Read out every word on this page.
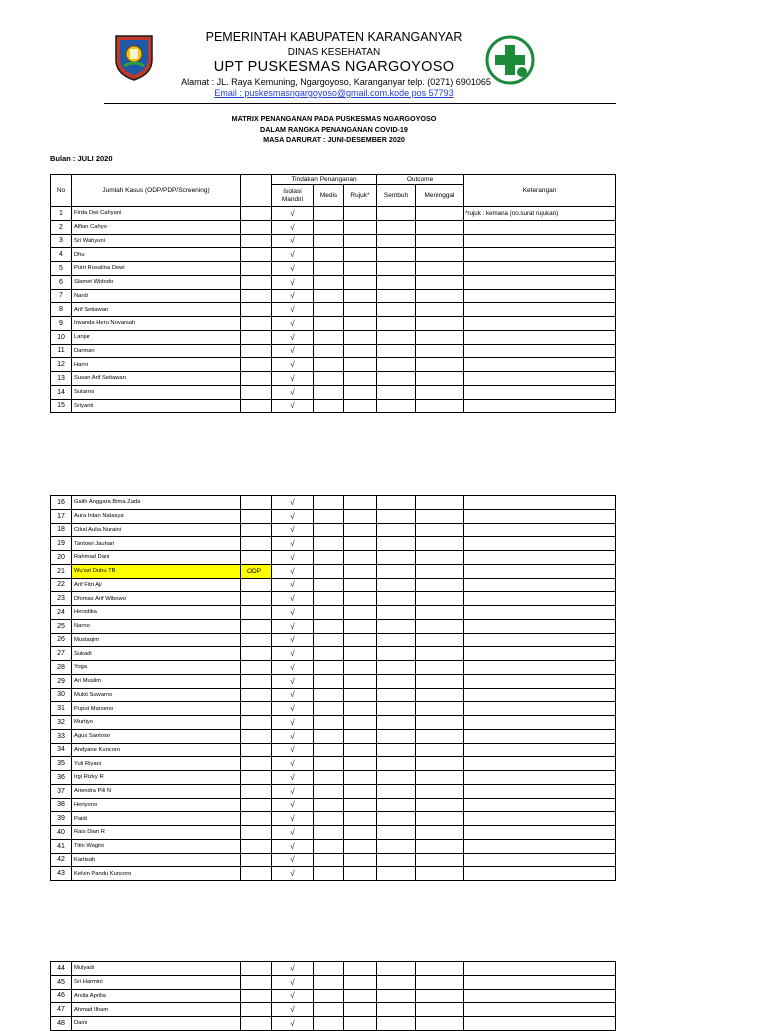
PEMERINTAH KABUPATEN KARANGANYAR
DINAS KESEHATAN
UPT PUSKESMAS NGARGOYOSO
Alamat : JL. Raya Kemuning, Ngargoyoso, Karanganyar telp. (0271) 6901065
Email : puskesmasngargoyoso@gmail.com.kode pos 57793
MATRIX PENANGANAN PADA PUSKESMAS NGARGOYOSO
DALAM RANGKA PENANGANAN COVID-19
MASA DARURAT : JUNI-DESEMBER 2020
Bulan : JULI 2020
No	Jumlah Kasus (ODP/PDP/Screening)		Tindakan Penanganan			Outcome		Keterangan
			Isolasi Mandiri	Medis	Rujuk*	Sembuh	Meninggal	
1	Firda Dwi Cahyani		√					*rujuk : kemana (no.surat rujukan)
2	Alfian Cahyo		√					
3	Sri Wahyuni		√					
4	Dhu		√					
5	Putri Rosalina Dewi		√					
6	Slamet Widodo		√					
7	Nardi		√					
8	Arif Setiawan		√					
9	Irwanda Heru Novarsah		√					
10	Lanjar		√					
11	Darman		√					
12	Harni		√					
13	Susan Arif Setiawan		√					
14	Sutarno		√					
15	Sriyanti		√					
16	Galih Anggara Bima Zada		√					
17	Aura Intan Natasya		√					
18	Cikal Aulia Nuraini		√					
19	Tantowi Jauhari		√					
20	Rahmad Dani		√					
21	Wu'ozi Duhu TB	ODP	√					
22	Arif Fitri Aji		√					
23	Dhimas Arif Wibowo		√					
24	Hersdika		√					
25	Narno		√					
26	Mustaqim		√					
27	Sukadi		√					
28	Yoga		√					
29	Ari Muslim		√					
30	Mukti Suwarno		√					
31	Puput Marseno		√					
32	Murtiyo		√					
33	Agus Santoso		√					
34	Andyane Kuncoro		√					
35	Yuli Riyani		√					
36	Irgi Rizky R		√					
37	Ariendra Pili N		√					
38	Heriyono		√					
39	Paidi		√					
40	Rais Dian R		√					
41	Titin Wagini		√					
42	Kartisah		√					
43	Kelvin Pandu Kuncoro		√					
44	Mulyadi		√					
45	Sri Harmini		√					
46	Arsila Aprilia		√					
47	Ahmad Ilham		√					
48	Daini		√					
